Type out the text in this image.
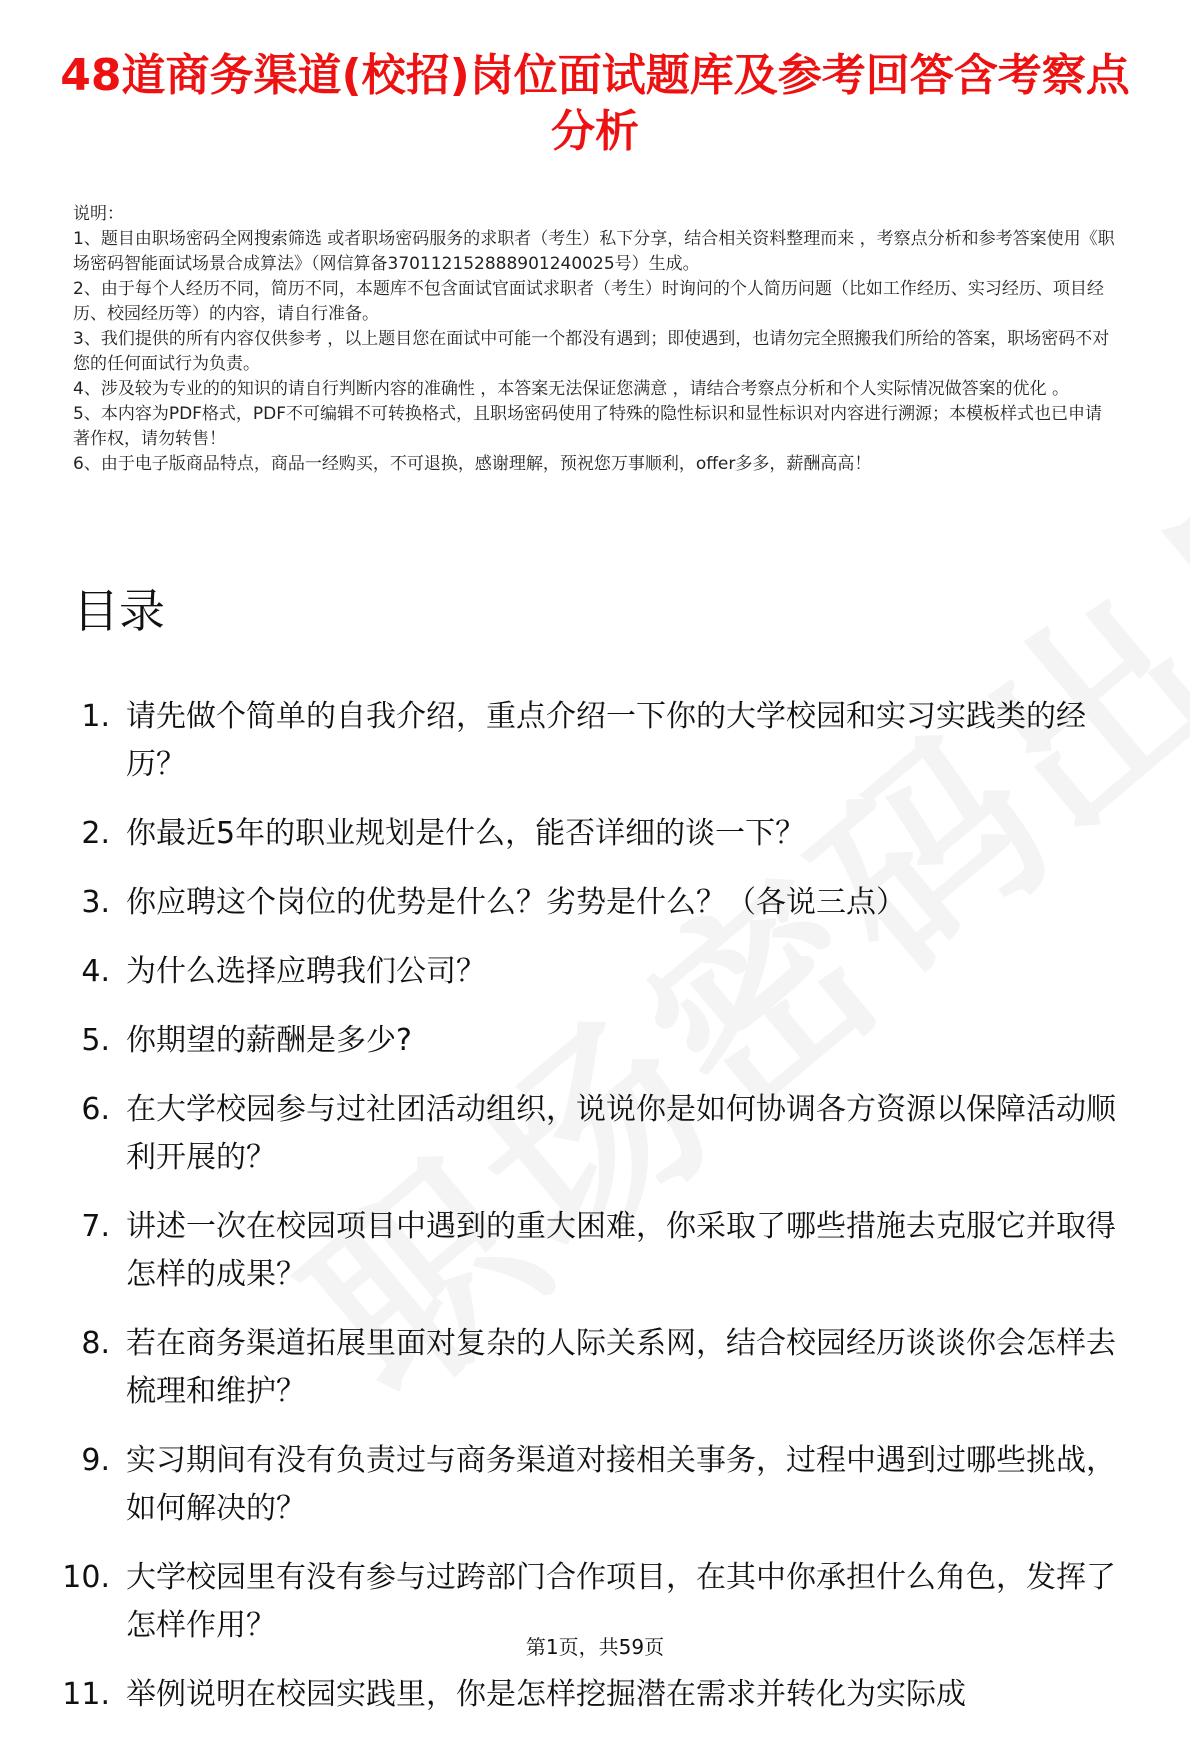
48道商务渠道(校招)岗位面试题库及参考回答含考察点分析

说明：

1、题目由职场密码全网搜索筛选 或者职场密码服务的求职者（考生）私下分享，结合相关资料整理而来 ，考察点分析和参考答案使用《职场密码智能面试场景合成算法》（网信算备370112152888901240025号）生成。

2、由于每个人经历不同，简历不同，本题库不包含面试官面试求职者（考生）时询问的个人简历问题（比如工作经历、实习经历、项目经历、校园经历等）的内容，请自行准备。

3、我们提供的所有内容仅供参考 ，以上题目您在面试中可能一个都没有遇到；即使遇到，也请勿完全照搬我们所给的答案，职场密码不对您的任何面试行为负责。

4、涉及较为专业的的知识的请自行判断内容的准确性 ，本答案无法保证您满意 ，请结合考察点分析和个人实际情况做答案的优化 。

5、本内容为PDF格式，PDF不可编辑不可转换格式，且职场密码使用了特殊的隐性标识和显性标识对内容进行溯源；本模板样式也已申请著作权，请勿转售！

6、由于电子版商品特点，商品一经购买，不可退换，感谢理解，预祝您万事顺利，offer多多，薪酬高高！

目录
1. 请先做个简单的自我介绍，重点介绍一下你的大学校园和实习实践类的经历？
2. 你最近5年的职业规划是什么，能否详细的谈一下？
3. 你应聘这个岗位的优势是什么？劣势是什么？（各说三点）
4. 为什么选择应聘我们公司？
5. 你期望的薪酬是多少?
6. 在大学校园参与过社团活动组织，说说你是如何协调各方资源以保障活动顺利开展的？
7. 讲述一次在校园项目中遇到的重大困难，你采取了哪些措施去克服它并取得怎样的成果？
8. 若在商务渠道拓展里面对复杂的人际关系网，结合校园经历谈谈你会怎样去梳理和维护？
9. 实习期间有没有负责过与商务渠道对接相关事务，过程中遇到过哪些挑战，如何解决的？
10. 大学校园里有没有参与过跨部门合作项目，在其中你承担什么角色，发挥了怎样作用？
11. 举例说明在校园实践里，你是怎样挖掘潜在需求并转化为实际成
第1页，共59页
